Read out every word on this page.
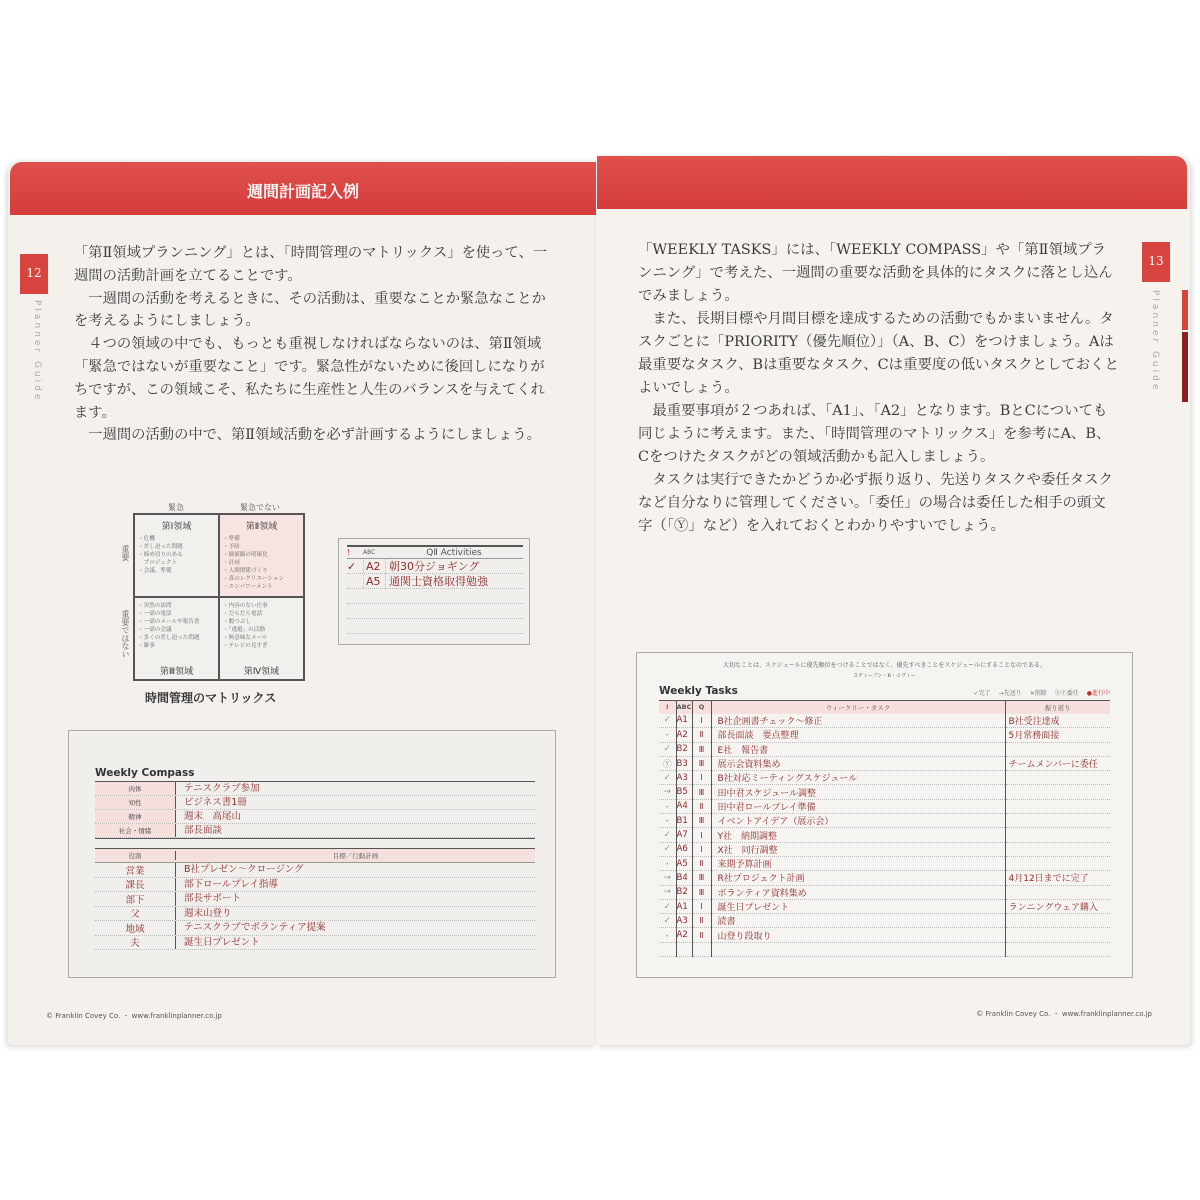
週間計画記入例
12
Planner Guide
13
Planner Guide

「第Ⅱ領域プランニング」とは、「時間管理のマトリックス」を使って、一週間の活動計画を立てることです。

一週間の活動を考えるときに、その活動は、重要なことか緊急なことかを考えるようにしましょう。

４つの領域の中でも、もっとも重視しなければならないのは、第Ⅱ領域「緊急ではないが重要なこと」です。緊急性がないために後回しになりがちですが、この領域こそ、私たちに生産性と人生のバランスを与えてくれます。

一週間の活動の中で、第Ⅱ領域活動を必ず計画するようにしましょう。

「WEEKLY TASKS」には、「WEEKLY COMPASS」や「第Ⅱ領域プランニング」で考えた、一週間の重要な活動を具体的にタスクに落とし込んでみましょう。

また、長期目標や月間目標を達成するための活動でもかまいません。タスクごとに「PRIORITY（優先順位）」（A、B、C）をつけましょう。Aは最重要なタスク、Bは重要なタスク、Cは重要度の低いタスクとしておくとよいでしょう。

最重要事項が２つあれば、「A1」、「A2」となります。BとCについても同じように考えます。また、「時間管理のマトリックス」を参考にA、B、Cをつけたタスクがどの領域活動かも記入しましょう。

タスクは実行できたかどうか必ず振り返り、先送りタスクや委任タスクなど自分なりに管理してください。「委任」の場合は委任した相手の頭文字（「Ⓨ」など）を入れておくとわかりやすいでしょう。

緊急	緊急でない
重要
重要ではない
第Ⅰ領域
・危機
・差し迫った問題
・締め切りのある
　プロジェクト
・会議、準備
第Ⅱ領域
・準備
・予防
・価値観の明確化
・計画
・人間関係づくり
・真のレクリエーション
・エンパワーメント
・突然の訪問
・一部の電話
・一部のメールや報告書
・一部の会議
・多くの差し迫った問題
・雑事
第Ⅲ領域
・内容のない仕事
・だらだら電話
・暇つぶし
・「逃避」の活動
・無意味なメール
・テレビの見すぎ
第Ⅳ領域
時間管理のマトリックス
!	ABC	QⅡ Activities
✓ A2 朝30分ジョギング
A5 通関士資格取得勉強
Weekly Compass
肉体	テニスクラブ参加
知性	ビジネス書1冊
精神	週末　高尾山
社会・情緒	部長面談
役割	目標／行動計画
営業	B社プレゼン〜クロージング
課長	部下ロールプレイ指導
部下	部長サポート
父	週末山登り
地域	テニスクラブでボランティア提案
夫	誕生日プレゼント
大切なことは、スケジュールに優先順位をつけることではなく、優先すべきことをスケジュールにすることなのである。
スティーブン・R・コヴィー
Weekly Tasks	✓完了 →先送り ×削除 ⓈⓎ委任 ●進行中
!	ABC	Q	ウィークリー・タスク	振り返り
✓	A1	Ⅰ	B社企画書チェック〜修正	B社受注達成
・	A2	Ⅱ	部長面談　要点整理	5月常務面接
✓	B2	Ⅲ	E社　報告書	
Ⓨ	B3	Ⅲ	展示会資料集め	チームメンバーに委任
✓	A3	Ⅰ	B社対応ミーティングスケジュール	
→	B5	Ⅲ	田中君スケジュール調整	
・	A4	Ⅱ	田中君ロールプレイ準備	
・	B1	Ⅲ	イベントアイデア（展示会）	
✓	A7	Ⅰ	Y社　納期調整	
✓	A6	Ⅰ	X社　同行調整	
・	A5	Ⅱ	来期予算計画	
→	B4	Ⅲ	R社プロジェクト計画	4月12日までに完了
→	B2	Ⅲ	ボランティア資料集め	
✓	A1	Ⅰ	誕生日プレゼント	ランニングウェア購入
✓	A3	Ⅱ	読書	
・	A2	Ⅱ	山登り段取り	

© Franklin Covey Co. ・ www.franklinplanner.co.jp	© Franklin Covey Co. ・ www.franklinplanner.co.jp
